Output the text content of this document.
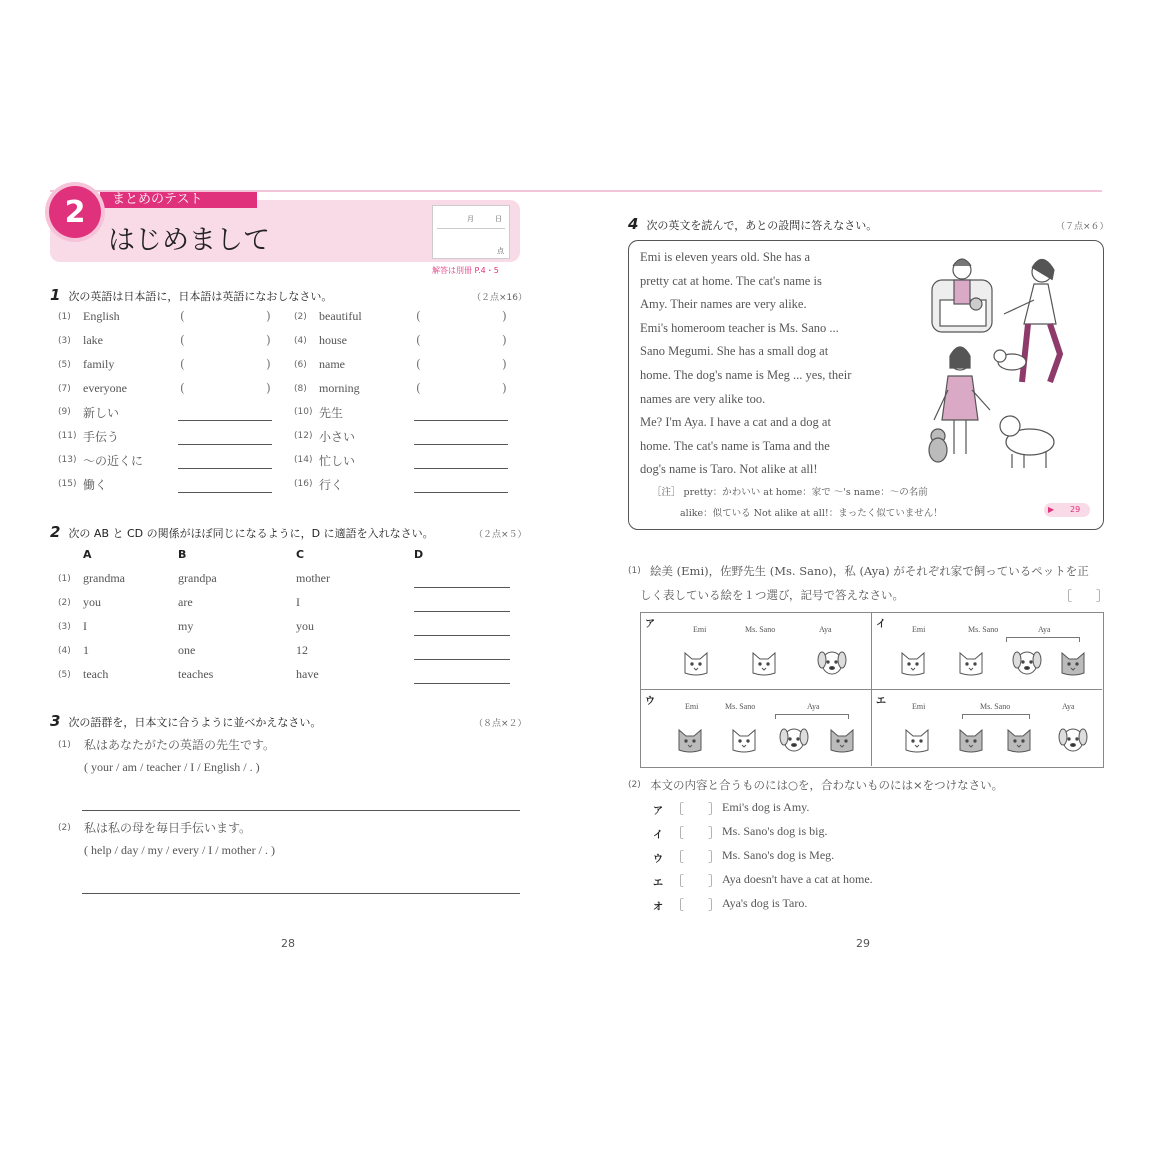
まとめのテスト
2
はじめまして
月	日
点
解答は別冊 P.4・5
1 次の英語は日本語に，日本語は英語になおしなさい。	（２点×16）
(1) English	(	)	(2) beautiful	(	)
(3) lake	(	)	(4) house	(	)
(5) family	(	)	(6) name	(	)
(7) everyone	(	)	(8) morning	(	)
(9) 新しい	(10) 先生
(11) 手伝う	(12) 小さい
(13) ～の近くに	(14) 忙しい
(15) 働く	(16) 行く
2 次の AB と CD の関係がほぼ同じになるように，D に適語を入れなさい。	（２点×５）
A	B	C	D
(1) grandma	grandpa	mother
(2) you	are	I
(3) I	my	you
(4) 1	one	12
(5) teach	teaches	have
3 次の語群を，日本文に合うように並べかえなさい。	（８点×２）
(1) 私はあなたがたの英語の先生です。
( your / am / teacher / I / English / . )
(2) 私は私の母を毎日手伝います。
( help / day / my / every / I / mother / . )
28
4 次の英文を読んで，あとの設問に答えなさい。	（７点×６）
Emi is eleven years old. She has a
pretty cat at home. The cat's name is
Amy. Their names are very alike.
Emi's homeroom teacher is Ms. Sano ...
Sano Megumi. She has a small dog at
home. The dog's name is Meg ... yes, their
names are very alike too.
Me? I'm Aya. I have a cat and a dog at
home. The cat's name is Tama and the
dog's name is Taro. Not alike at all!
［注］ pretty：かわいい at home：家で ～'s name：～の名前
alike：似ている Not alike at all!：まったく似ていません！	▶ 29
(1) 絵美 (Emi)，佐野先生 (Ms. Sano)，私 (Aya) がそれぞれ家で飼っているペットを正
しく表している絵を１つ選び，記号で答えなさい。	［　　］
ア	Emi	Ms. Sano	Aya	イ	Emi	Ms. Sano	Aya
ウ	Emi	Ms. Sano	Aya	エ	Emi	Ms. Sano	Aya
(2) 本文の内容と合うものには○を，合わないものには×をつけなさい。
ア ［　　］ Emi's dog is Amy.
イ ［　　］ Ms. Sano's dog is big.
ウ ［　　］ Ms. Sano's dog is Meg.
エ ［　　］ Aya doesn't have a cat at home.
オ ［　　］ Aya's dog is Taro.
29
